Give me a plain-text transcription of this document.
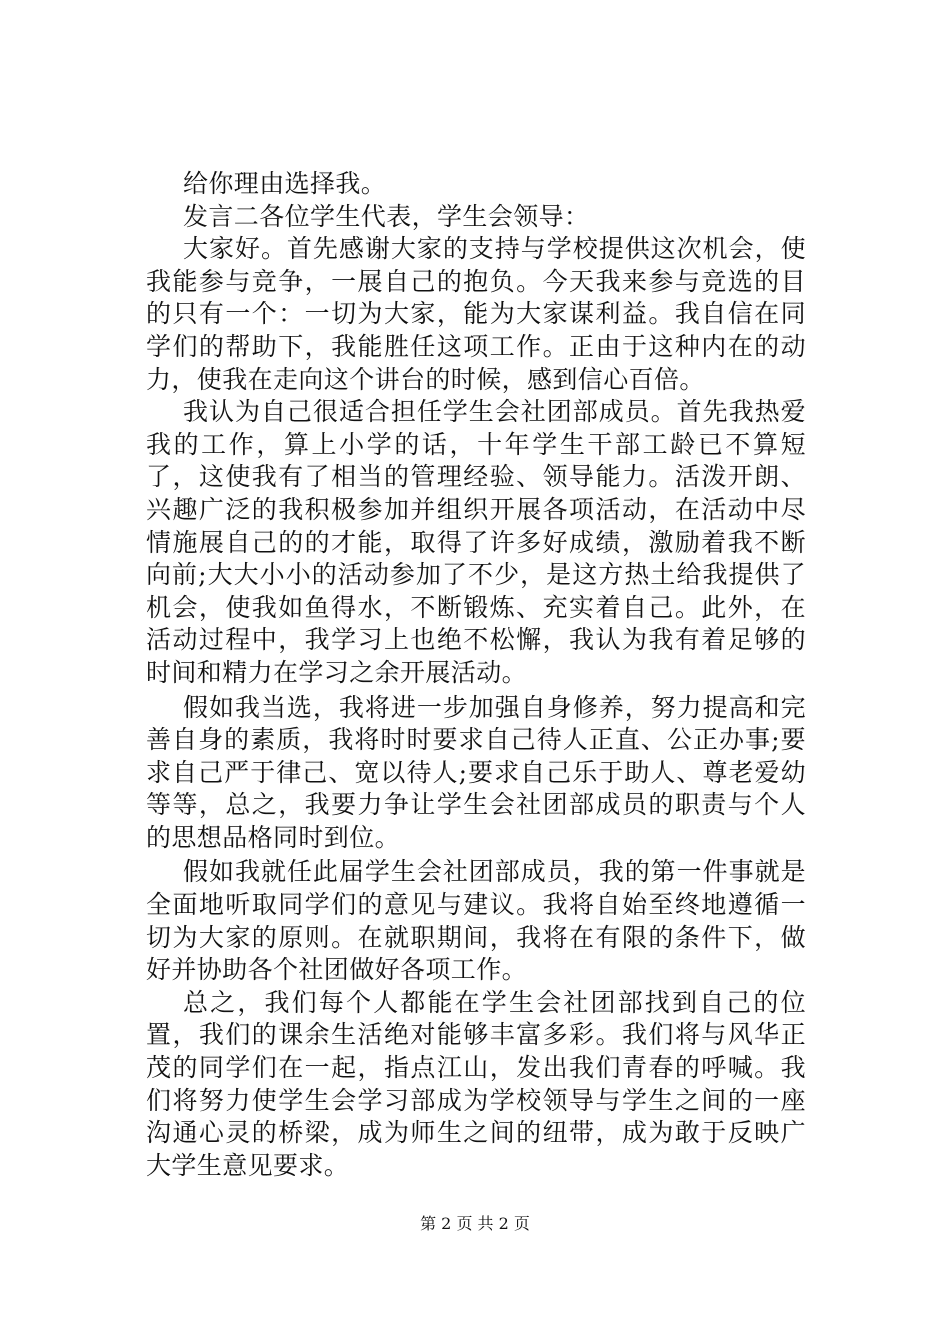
给你理由选择我。

发言二各位学生代表，学生会领导：

大家好。首先感谢大家的支持与学校提供这次机会，使我能参与竞争，一展自己的抱负。今天我来参与竞选的目的只有一个：一切为大家，能为大家谋利益。我自信在同学们的帮助下，我能胜任这项工作。正由于这种内在的动力，使我在走向这个讲台的时候，感到信心百倍。

我认为自己很适合担任学生会社团部成员。首先我热爱我的工作，算上小学的话，十年学生干部工龄已不算短了，这使我有了相当的管理经验、领导能力。活泼开朗、兴趣广泛的我积极参加并组织开展各项活动，在活动中尽情施展自己的的才能，取得了许多好成绩，激励着我不断向前;大大小小的活动参加了不少，是这方热土给我提供了机会，使我如鱼得水，不断锻炼、充实着自己。此外，在活动过程中，我学习上也绝不松懈，我认为我有着足够的时间和精力在学习之余开展活动。

假如我当选，我将进一步加强自身修养，努力提高和完善自身的素质，我将时时要求自己待人正直、公正办事;要求自己严于律己、宽以待人;要求自己乐于助人、尊老爱幼等等，总之，我要力争让学生会社团部成员的职责与个人的思想品格同时到位。

假如我就任此届学生会社团部成员，我的第一件事就是全面地听取同学们的意见与建议。我将自始至终地遵循一切为大家的原则。在就职期间，我将在有限的条件下，做好并协助各个社团做好各项工作。

总之，我们每个人都能在学生会社团部找到自己的位置，我们的课余生活绝对能够丰富多彩。我们将与风华正茂的同学们在一起，指点江山，发出我们青春的呼喊。我们将努力使学生会学习部成为学校领导与学生之间的一座沟通心灵的桥梁，成为师生之间的纽带，成为敢于反映广大学生意见要求。

第 2 页 共 2 页
